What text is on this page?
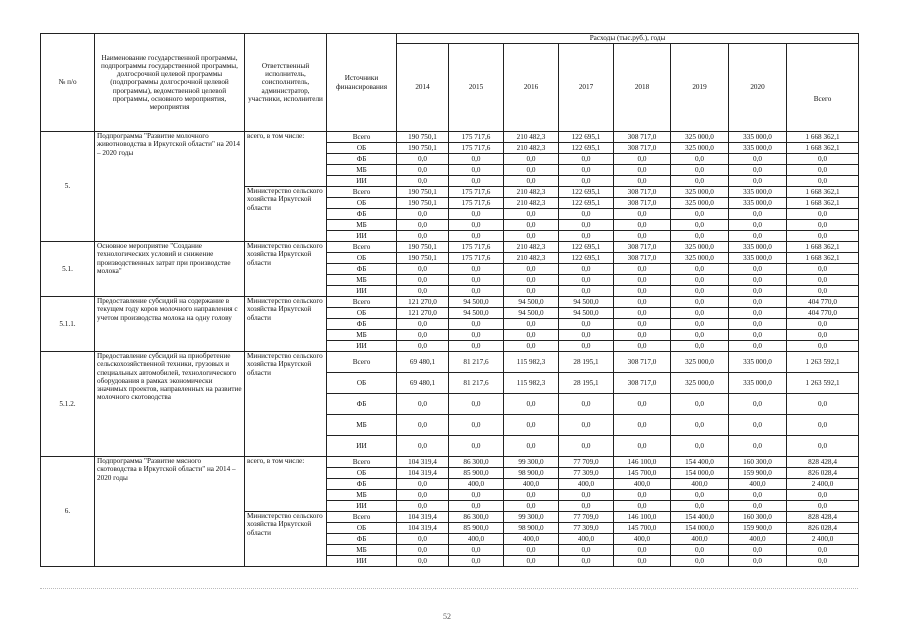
№ п/о	Наименование государственной программы, подпрограммы государственной программы, долгосрочной целевой программы (подпрограммы долгосрочной целевой программы), ведомственной целевой программы, основного мероприятия, мероприятия	Ответственный исполнитель, соисполнитель, администратор, участники, исполнители	Источники финансирования	Расходы (тыс.руб.), годы							
				2014	2015	2016	2017	2018	2019	2020	Всего
5.	Подпрограмма "Развитие молочного животноводства в Иркутской области" на 2014 – 2020 годы	всего, в том числе:	Всего	190 750,1	175 717,6	210 482,3	122 695,1	308 717,0	325 000,0	335 000,0	1 668 362,1
			ОБ	190 750,1	175 717,6	210 482,3	122 695,1	308 717,0	325 000,0	335 000,0	1 668 362,1
			ФБ	0,0	0,0	0,0	0,0	0,0	0,0	0,0	0,0
			МБ	0,0	0,0	0,0	0,0	0,0	0,0	0,0	0,0
			ИИ	0,0	0,0	0,0	0,0	0,0	0,0	0,0	0,0
		Министерство сельского хозяйства Иркутской области	Всего	190 750,1	175 717,6	210 482,3	122 695,1	308 717,0	325 000,0	335 000,0	1 668 362,1
			ОБ	190 750,1	175 717,6	210 482,3	122 695,1	308 717,0	325 000,0	335 000,0	1 668 362,1
			ФБ	0,0	0,0	0,0	0,0	0,0	0,0	0,0	0,0
			МБ	0,0	0,0	0,0	0,0	0,0	0,0	0,0	0,0
			ИИ	0,0	0,0	0,0	0,0	0,0	0,0	0,0	0,0
5.1.	Основное мероприятие "Создание технологических условий и снижение производственных затрат при производстве молока"	Министерство сельского хозяйства Иркутской области	Всего	190 750,1	175 717,6	210 482,3	122 695,1	308 717,0	325 000,0	335 000,0	1 668 362,1
			ОБ	190 750,1	175 717,6	210 482,3	122 695,1	308 717,0	325 000,0	335 000,0	1 668 362,1
			ФБ	0,0	0,0	0,0	0,0	0,0	0,0	0,0	0,0
			МБ	0,0	0,0	0,0	0,0	0,0	0,0	0,0	0,0
			ИИ	0,0	0,0	0,0	0,0	0,0	0,0	0,0	0,0
5.1.1.	Предоставление субсидий на содержание в текущем году коров молочного направления с учетом производства молока на одну голову	Министерство сельского хозяйства Иркутской области	Всего	121 270,0	94 500,0	94 500,0	94 500,0	0,0	0,0	0,0	404 770,0
			ОБ	121 270,0	94 500,0	94 500,0	94 500,0	0,0	0,0	0,0	404 770,0
			ФБ	0,0	0,0	0,0	0,0	0,0	0,0	0,0	0,0
			МБ	0,0	0,0	0,0	0,0	0,0	0,0	0,0	0,0
			ИИ	0,0	0,0	0,0	0,0	0,0	0,0	0,0	0,0
5.1.2.	Предоставление субсидий на приобретение сельскохозяйственной техники, грузовых и специальных автомобилей, технологического оборудования в рамках экономически значимых проектов, направленных на развитие молочного скотоводства	Министерство сельского хозяйства Иркутской области	Всего	69 480,1	81 217,6	115 982,3	28 195,1	308 717,0	325 000,0	335 000,0	1 263 592,1
			ОБ	69 480,1	81 217,6	115 982,3	28 195,1	308 717,0	325 000,0	335 000,0	1 263 592,1
			ФБ	0,0	0,0	0,0	0,0	0,0	0,0	0,0	0,0
			МБ	0,0	0,0	0,0	0,0	0,0	0,0	0,0	0,0
			ИИ	0,0	0,0	0,0	0,0	0,0	0,0	0,0	0,0
6.	Подпрограмма "Развитие мясного скотоводства в Иркутской области" на 2014 – 2020 годы	всего, в том числе:	Всего	104 319,4	86 300,0	99 300,0	77 709,0	146 100,0	154 400,0	160 300,0	828 428,4
			ОБ	104 319,4	85 900,0	98 900,0	77 309,0	145 700,0	154 000,0	159 900,0	826 028,4
			ФБ	0,0	400,0	400,0	400,0	400,0	400,0	400,0	2 400,0
			МБ	0,0	0,0	0,0	0,0	0,0	0,0	0,0	0,0
			ИИ	0,0	0,0	0,0	0,0	0,0	0,0	0,0	0,0
		Министерство сельского хозяйства Иркутской области	Всего	104 319,4	86 300,0	99 300,0	77 709,0	146 100,0	154 400,0	160 300,0	828 428,4
			ОБ	104 319,4	85 900,0	98 900,0	77 309,0	145 700,0	154 000,0	159 900,0	826 028,4
			ФБ	0,0	400,0	400,0	400,0	400,0	400,0	400,0	2 400,0
			МБ	0,0	0,0	0,0	0,0	0,0	0,0	0,0	0,0
			ИИ	0,0	0,0	0,0	0,0	0,0	0,0	0,0	0,0
52
